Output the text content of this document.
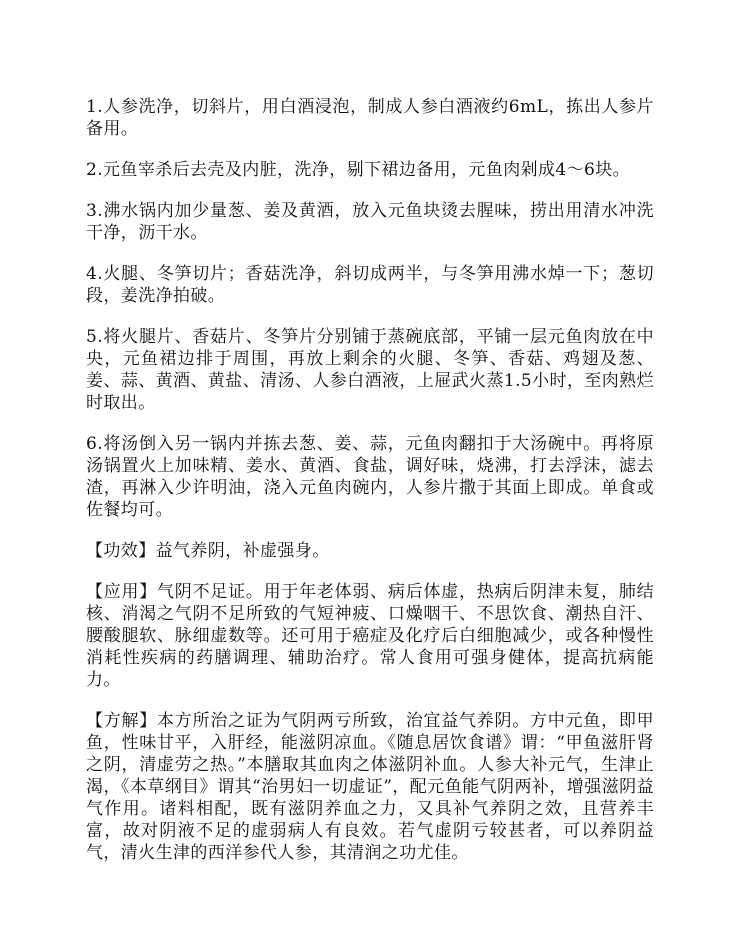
1.人参洗净，切斜片，用白酒浸泡，制成人参白酒液约6mL，拣出人参片备用。

2.元鱼宰杀后去壳及内脏，洗净，剔下裙边备用，元鱼肉剁成4～6块。

3.沸水锅内加少量葱、姜及黄酒，放入元鱼块烫去腥味，捞出用清水冲洗干净，沥干水。

4.火腿、冬笋切片；香菇洗净，斜切成两半，与冬笋用沸水焯一下；葱切段，姜洗净拍破。

5.将火腿片、香菇片、冬笋片分别铺于蒸碗底部，平铺一层元鱼肉放在中央，元鱼裙边排于周围，再放上剩余的火腿、冬笋、香菇、鸡翅及葱、姜、蒜、黄酒、黄盐、清汤、人参白酒液，上屉武火蒸1.5小时，至肉熟烂时取出。

6.将汤倒入另一锅内并拣去葱、姜、蒜，元鱼肉翻扣于大汤碗中。再将原汤锅置火上加味精、姜水、黄酒、食盐，调好味，烧沸，打去浮沫，滤去渣，再淋入少许明油，浇入元鱼肉碗内，人参片撒于其面上即成。单食或佐餐均可。

【功效】益气养阴，补虚强身。

【应用】气阴不足证。用于年老体弱、病后体虚，热病后阴津未复，肺结核、消渴之气阴不足所致的气短神疲、口燥咽干、不思饮食、潮热自汗、腰酸腿软、脉细虚数等。还可用于癌症及化疗后白细胞减少，或各种慢性消耗性疾病的药膳调理、辅助治疗。常人食用可强身健体，提高抗病能力。

【方解】本方所治之证为气阴两亏所致，治宜益气养阴。方中元鱼，即甲鱼，性味甘平，入肝经，能滋阴凉血。《随息居饮食谱》谓：“甲鱼滋肝肾之阴，清虚劳之热。”本膳取其血肉之体滋阴补血。人参大补元气，生津止渴，《本草纲目》谓其“治男妇一切虚证”，配元鱼能气阴两补，增强滋阴益气作用。诸料相配，既有滋阴养血之力，又具补气养阴之效，且营养丰富，故对阴液不足的虚弱病人有良效。若气虚阴亏较甚者，可以养阴益气，清火生津的西洋参代人参，其清润之功尤佳。
